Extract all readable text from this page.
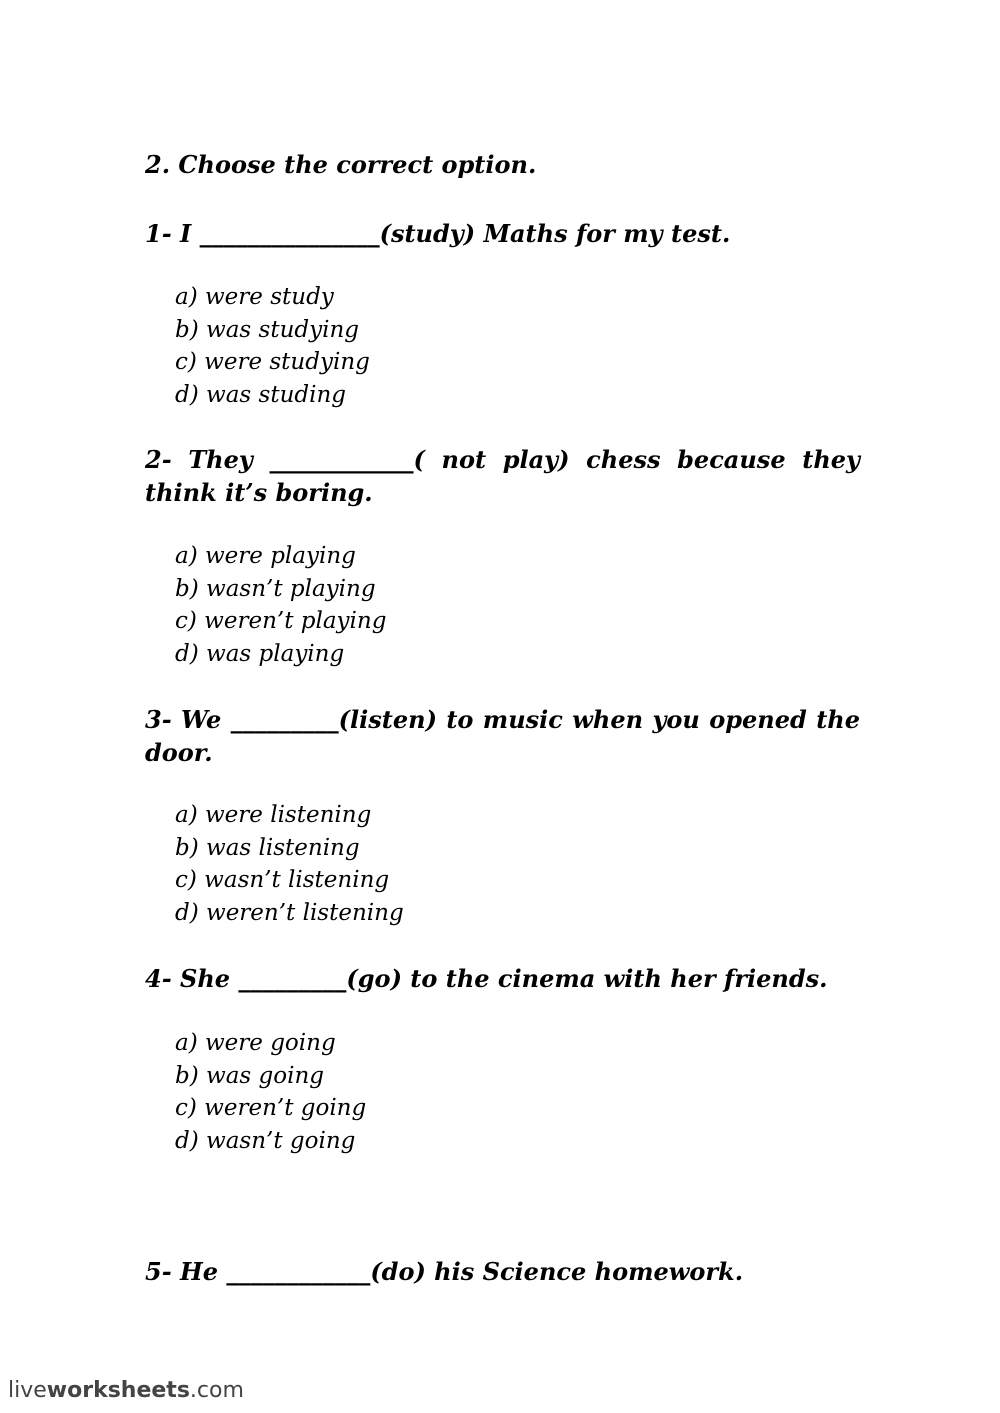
2. Choose the correct option.
1- I _______________(study) Maths for my test.
a) were study
b) was studying
c) were studying
d) was studing
2- They ____________( not play) chess because they think it’s boring.
a) were playing
b) wasn’t playing
c) weren’t playing
d) was playing
3- We _________(listen) to music when you opened the door.
a) were listening
b) was listening
c) wasn’t listening
d) weren’t listening
4- She _________(go) to the cinema with her friends.
a) were going
b) was going
c) weren’t going
d) wasn’t going
5- He ____________(do) his Science homework.
liveworksheets.com
